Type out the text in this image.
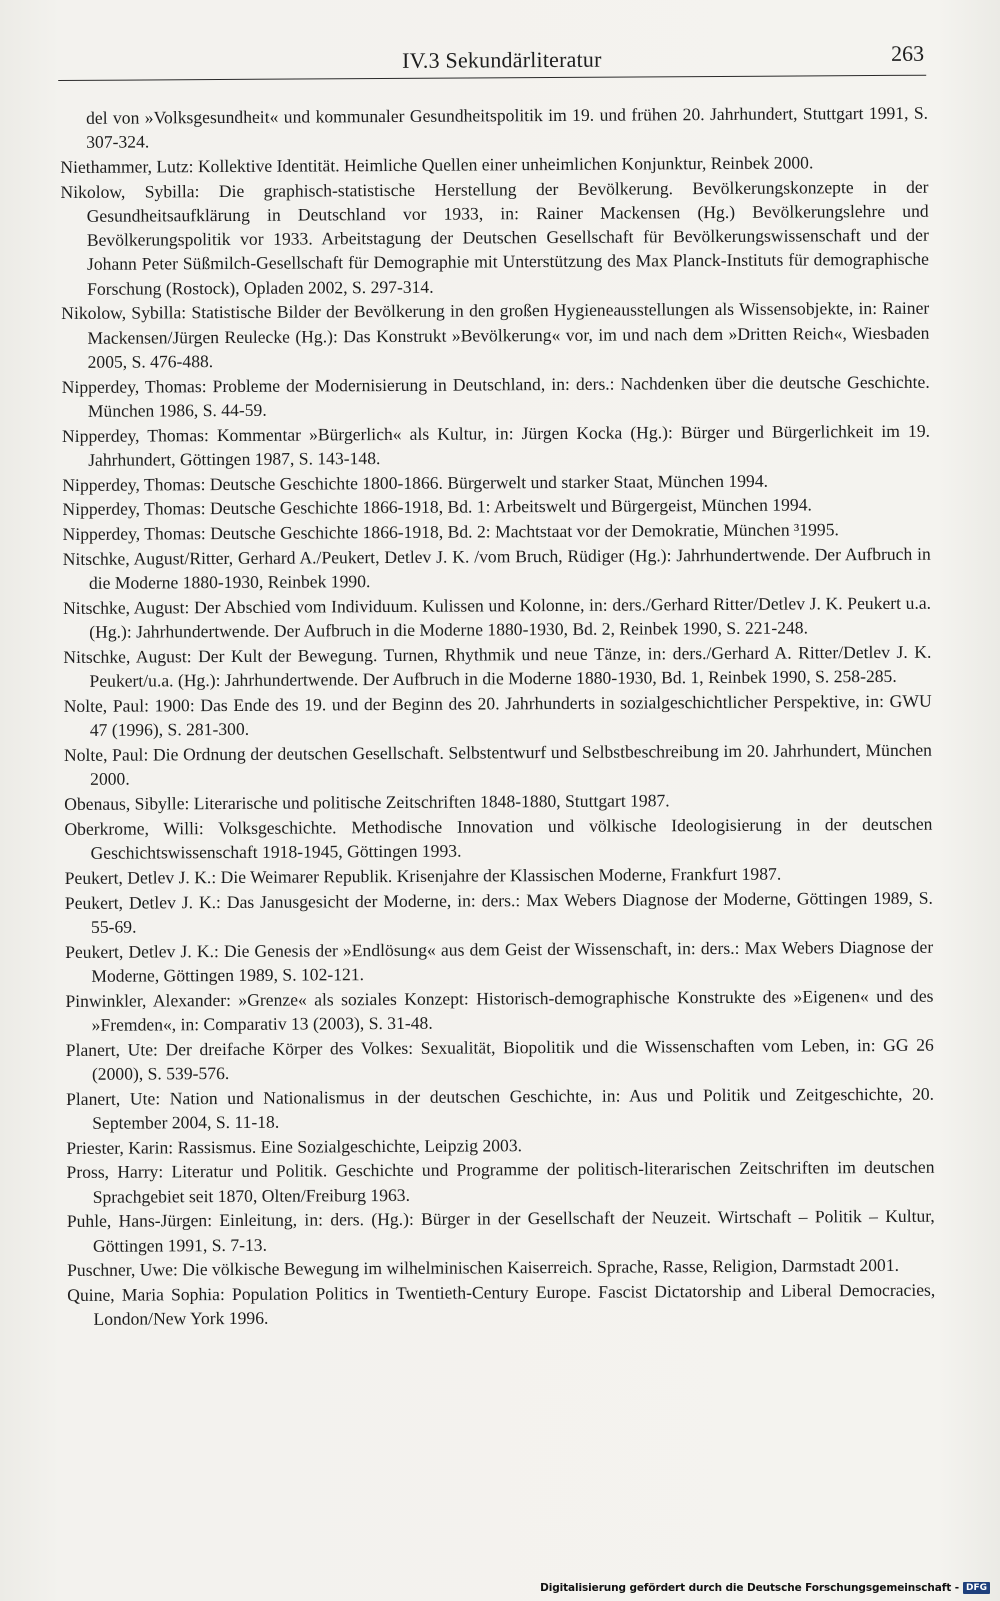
IV.3 Sekundärliteratur	263

del von »Volksgesundheit« und kommunaler Gesundheitspolitik im 19. und frühen 20. Jahrhundert, Stuttgart 1991, S. 307-324.

Niethammer, Lutz: Kollektive Identität. Heimliche Quellen einer unheimlichen Konjunktur, Reinbek 2000.

Nikolow, Sybilla: Die graphisch-statistische Herstellung der Bevölkerung. Bevölkerungskonzepte in der Gesundheitsaufklärung in Deutschland vor 1933, in: Rainer Mackensen (Hg.) Bevölkerungslehre und Bevölkerungspolitik vor 1933. Arbeitstagung der Deutschen Gesellschaft für Bevölkerungswissenschaft und der Johann Peter Süßmilch-Gesellschaft für Demographie mit Unterstützung des Max Planck-Instituts für demographische Forschung (Rostock), Opladen 2002, S. 297-314.

Nikolow, Sybilla: Statistische Bilder der Bevölkerung in den großen Hygieneausstellungen als Wissensobjekte, in: Rainer Mackensen/Jürgen Reulecke (Hg.): Das Konstrukt »Bevölkerung« vor, im und nach dem »Dritten Reich«, Wiesbaden 2005, S. 476-488.

Nipperdey, Thomas: Probleme der Modernisierung in Deutschland, in: ders.: Nachdenken über die deutsche Geschichte. München 1986, S. 44-59.

Nipperdey, Thomas: Kommentar »Bürgerlich« als Kultur, in: Jürgen Kocka (Hg.): Bürger und Bürgerlichkeit im 19. Jahrhundert, Göttingen 1987, S. 143-148.

Nipperdey, Thomas: Deutsche Geschichte 1800-1866. Bürgerwelt und starker Staat, München 1994.

Nipperdey, Thomas: Deutsche Geschichte 1866-1918, Bd. 1: Arbeitswelt und Bürgergeist, München 1994.

Nipperdey, Thomas: Deutsche Geschichte 1866-1918, Bd. 2: Machtstaat vor der Demokratie, München ³1995.

Nitschke, August/Ritter, Gerhard A./Peukert, Detlev J. K. /vom Bruch, Rüdiger (Hg.): Jahrhundertwende. Der Aufbruch in die Moderne 1880-1930, Reinbek 1990.

Nitschke, August: Der Abschied vom Individuum. Kulissen und Kolonne, in: ders./Gerhard Ritter/Detlev J. K. Peukert u.a. (Hg.): Jahrhundertwende. Der Aufbruch in die Moderne 1880-1930, Bd. 2, Reinbek 1990, S. 221-248.

Nitschke, August: Der Kult der Bewegung. Turnen, Rhythmik und neue Tänze, in: ders./Gerhard A. Ritter/Detlev J. K. Peukert/u.a. (Hg.): Jahrhundertwende. Der Aufbruch in die Moderne 1880-1930, Bd. 1, Reinbek 1990, S. 258-285.

Nolte, Paul: 1900: Das Ende des 19. und der Beginn des 20. Jahrhunderts in sozialgeschichtlicher Perspektive, in: GWU 47 (1996), S. 281-300.

Nolte, Paul: Die Ordnung der deutschen Gesellschaft. Selbstentwurf und Selbstbeschreibung im 20. Jahrhundert, München 2000.

Obenaus, Sibylle: Literarische und politische Zeitschriften 1848-1880, Stuttgart 1987.

Oberkrome, Willi: Volksgeschichte. Methodische Innovation und völkische Ideologisierung in der deutschen Geschichtswissenschaft 1918-1945, Göttingen 1993.

Peukert, Detlev J. K.: Die Weimarer Republik. Krisenjahre der Klassischen Moderne, Frankfurt 1987.

Peukert, Detlev J. K.: Das Janusgesicht der Moderne, in: ders.: Max Webers Diagnose der Moderne, Göttingen 1989, S. 55-69.

Peukert, Detlev J. K.: Die Genesis der »Endlösung« aus dem Geist der Wissenschaft, in: ders.: Max Webers Diagnose der Moderne, Göttingen 1989, S. 102-121.

Pinwinkler, Alexander: »Grenze« als soziales Konzept: Historisch-demographische Konstrukte des »Eigenen« und des »Fremden«, in: Comparativ 13 (2003), S. 31-48.

Planert, Ute: Der dreifache Körper des Volkes: Sexualität, Biopolitik und die Wissenschaften vom Leben, in: GG 26 (2000), S. 539-576.

Planert, Ute: Nation und Nationalismus in der deutschen Geschichte, in: Aus und Politik und Zeitgeschichte, 20. September 2004, S. 11-18.

Priester, Karin: Rassismus. Eine Sozialgeschichte, Leipzig 2003.

Pross, Harry: Literatur und Politik. Geschichte und Programme der politisch-literarischen Zeitschriften im deutschen Sprachgebiet seit 1870, Olten/Freiburg 1963.

Puhle, Hans-Jürgen: Einleitung, in: ders. (Hg.): Bürger in der Gesellschaft der Neuzeit. Wirtschaft – Politik – Kultur, Göttingen 1991, S. 7-13.

Puschner, Uwe: Die völkische Bewegung im wilhelminischen Kaiserreich. Sprache, Rasse, Religion, Darmstadt 2001.

Quine, Maria Sophia: Population Politics in Twentieth-Century Europe. Fascist Dictatorship and Liberal Democracies, London/New York 1996.

Digitalisierung gefördert durch die Deutsche Forschungsgemeinschaft - DFG
